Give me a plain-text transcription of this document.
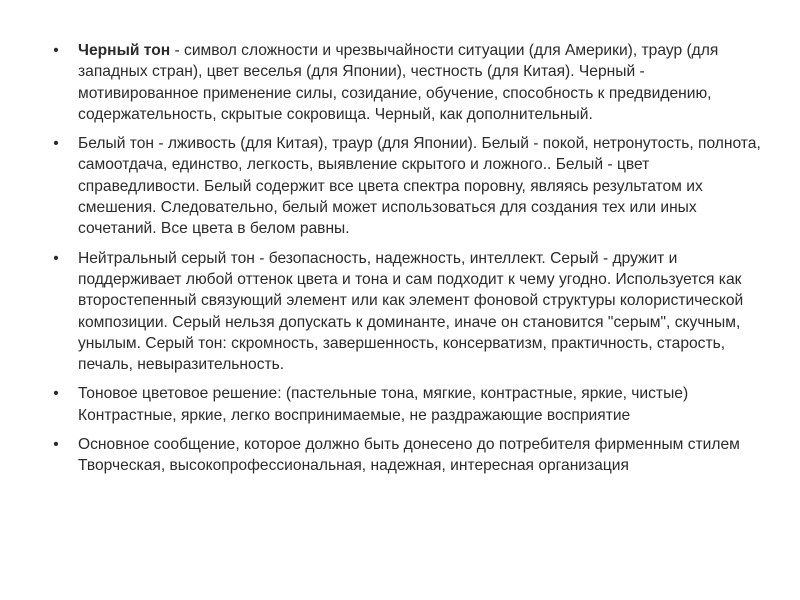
• Черный тон - символ сложности и чрезвычайности ситуации (для Америки), траур (для западных стран), цвет веселья (для Японии), честность (для Китая). Черный - мотивированное применение силы, созидание, обучение, способность к предвидению, содержательность, скрытые сокровища. Черный, как дополнительный.
• Белый тон - лживость (для Китая), траур (для Японии). Белый - покой, нетронутость, полнота, самоотдача, единство, легкость, выявление скрытого и ложного.. Белый - цвет справедливости. Белый содержит все цвета спектра поровну, являясь результатом их смешения. Следовательно, белый может использоваться для создания тех или иных сочетаний. Все цвета в белом равны.
• Нейтральный серый тон - безопасность, надежность, интеллект. Серый - дружит и поддерживает любой оттенок цвета и тона и сам подходит к чему угодно. Используется как второстепенный связующий элемент или как элемент фоновой структуры колористической композиции. Серый нельзя допускать к доминанте, иначе он становится "серым", скучным, унылым. Серый тон: скромность, завершенность, консерватизм, практичность, старость, печаль, невыразительность.
• Тоновое цветовое решение: (пастельные тона, мягкие, контрастные, яркие, чистые) Контрастные, яркие, легко воспринимаемые, не раздражающие восприятие
• Основное сообщение, которое должно быть донесено до потребителя фирменным стилем Творческая, высокопрофессиональная, надежная, интересная организация
